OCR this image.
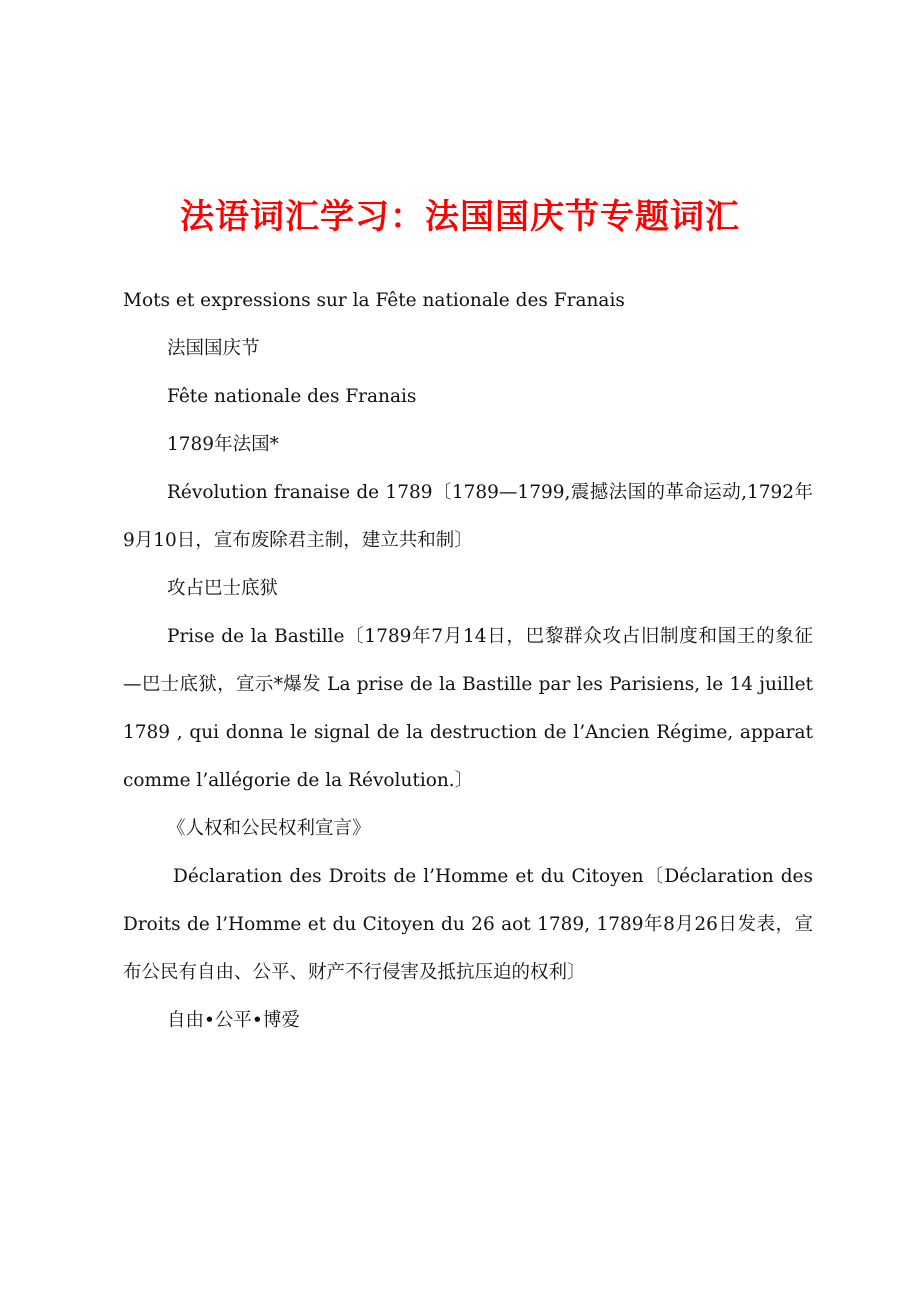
法语词汇学习：法国国庆节专题词汇

Mots et expressions sur la Fête nationale des Franais

法国国庆节

Fête nationale des Franais

1789年法国*

Révolution franaise de 1789〔1789—1799,震撼法国的革命运动,1792年9月10日，宣布废除君主制，建立共和制〕

攻占巴士底狱

Prise de la Bastille〔1789年7月14日，巴黎群众攻占旧制度和国王的象征—巴士底狱，宣示*爆发 La prise de la Bastille par les Parisiens, le 14 juillet 1789 , qui donna le signal de la destruction de l’Ancien Régime, apparat comme l’allégorie de la Révolution.〕

《人权和公民权利宣言》

Déclaration des Droits de l’Homme et du Citoyen〔Déclaration des Droits de l’Homme et du Citoyen du 26 aot 1789, 1789年8月26日发表，宣布公民有自由、公平、财产不行侵害及抵抗压迫的权利〕

自由•公平•博爱
